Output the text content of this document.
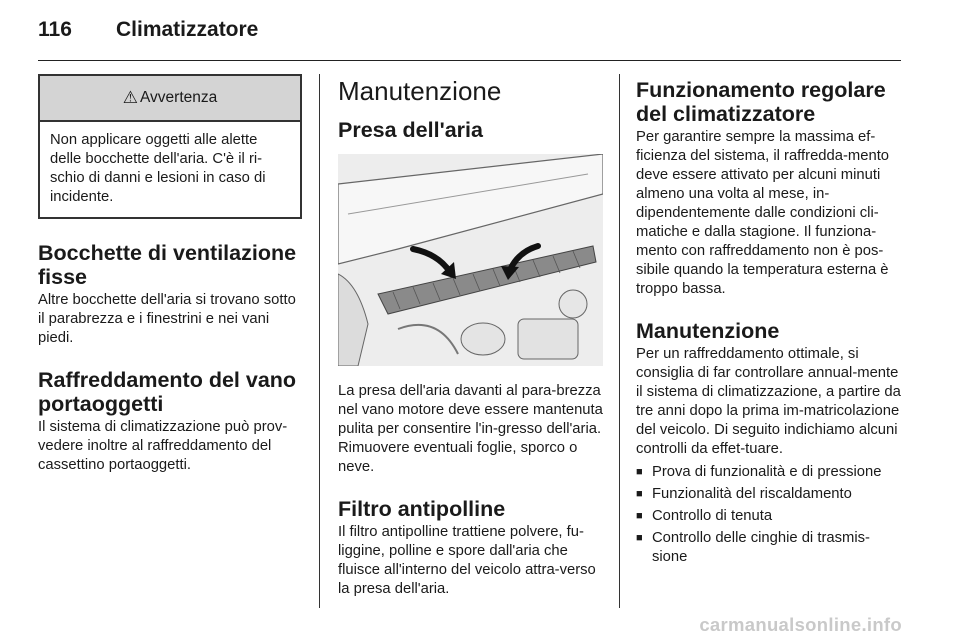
116 Climatizzatore
⚠ Avvertenza
Non applicare oggetti alle alette delle bocchette dell'aria. C'è il ri-schio di danni e lesioni in caso di incidente.
Bocchette di ventilazione fisse

Altre bocchette dell'aria si trovano sotto il parabrezza e i finestrini e nei vani piedi.

Raffreddamento del vano portaoggetti

Il sistema di climatizzazione può prov-vedere inoltre al raffreddamento del cassettino portaoggetti.

Manutenzione
Presa dell'aria

La presa dell'aria davanti al para-brezza nel vano motore deve essere mantenuta pulita per consentire l'in-gresso dell'aria. Rimuovere eventuali foglie, sporco o neve.

Filtro antipolline

Il filtro antipolline trattiene polvere, fu-liggine, polline e spore dall'aria che fluisce all'interno del veicolo attra-verso la presa dell'aria.

Funzionamento regolare del climatizzatore

Per garantire sempre la massima ef-ficienza del sistema, il raffredda-mento deve essere attivato per alcuni minuti almeno una volta al mese, in-dipendentemente dalle condizioni cli-matiche e dalla stagione. Il funziona-mento con raffreddamento non è pos-sibile quando la temperatura esterna è troppo bassa.

Manutenzione

Per un raffreddamento ottimale, si consiglia di far controllare annual-mente il sistema di climatizzazione, a partire da tre anni dopo la prima im-matricolazione del veicolo. Di seguito indichiamo alcuni controlli da effet-tuare.

■ Prova di funzionalità e di pressione
■ Funzionalità del riscaldamento
■ Controllo di tenuta
■ Controllo delle cinghie di trasmis-sione
carmanualsonline.info
